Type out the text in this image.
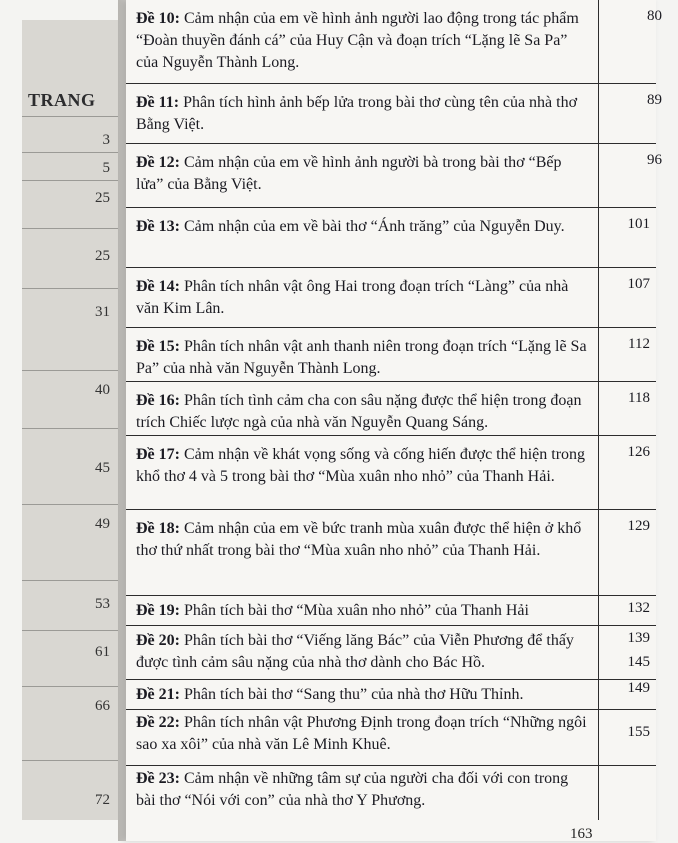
TRANG
3
5
25
25
31
40
45
49
53
61
66
72
Đề 10: Cảm nhận của em về hình ảnh người lao động trong tác phẩm “Đoàn thuyền đánh cá” của Huy Cận và đoạn trích “Lặng lẽ Sa Pa” của Nguyễn Thành Long.
80
Đề 11: Phân tích hình ảnh bếp lửa trong bài thơ cùng tên của nhà thơ Bằng Việt.
89
Đề 12: Cảm nhận của em về hình ảnh người bà trong bài thơ “Bếp lửa” của Bằng Việt.
96
Đề 13: Cảm nhận của em về bài thơ “Ánh trăng” của Nguyễn Duy.	101
Đề 14: Phân tích nhân vật ông Hai trong đoạn trích “Làng” của nhà văn Kim Lân.
107
Đề 15: Phân tích nhân vật anh thanh niên trong đoạn trích “Lặng lẽ Sa Pa” của nhà văn Nguyễn Thành Long.
112
Đề 16: Phân tích tình cảm cha con sâu nặng được thể hiện trong đoạn trích Chiếc lược ngà của nhà văn Nguyễn Quang Sáng.
118
Đề 17: Cảm nhận về khát vọng sống và cống hiến được thể hiện trong khổ thơ 4 và 5 trong bài thơ “Mùa xuân nho nhỏ” của Thanh Hải.
126
Đề 18: Cảm nhận của em về bức tranh mùa xuân được thể hiện ở khổ thơ thứ nhất trong bài thơ “Mùa xuân nho nhỏ” của Thanh Hải.
129
Đề 19: Phân tích bài thơ “Mùa xuân nho nhỏ” của Thanh Hải	132
Đề 20: Phân tích bài thơ “Viếng lăng Bác” của Viễn Phương để thấy được tình cảm sâu nặng của nhà thơ dành cho Bác Hồ.
139
Đề 21: Phân tích bài thơ “Sang thu” của nhà thơ Hữu Thỉnh.
145
Đề 22: Phân tích nhân vật Phương Định trong đoạn trích “Những ngôi sao xa xôi” của nhà văn Lê Minh Khuê.
149
Đề 23: Cảm nhận về những tâm sự của người cha đối với con trong bài thơ “Nói với con” của nhà thơ Y Phương.
155
163
